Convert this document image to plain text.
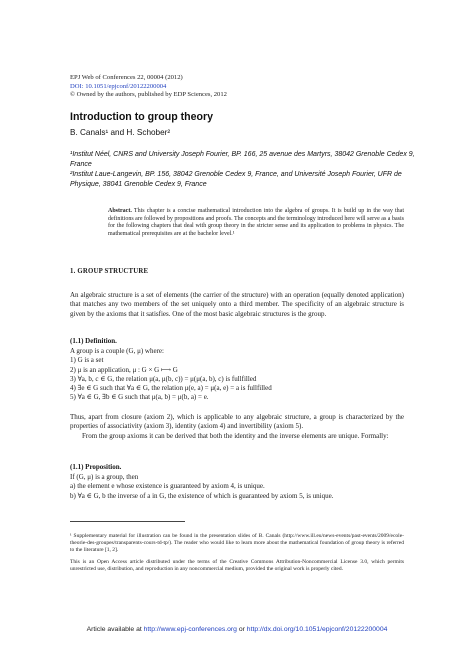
EPJ Web of Conferences 22, 00004 (2012)
DOI: 10.1051/epjconf/20122200004
© Owned by the authors, published by EDP Sciences, 2012
Introduction to group theory
B. Canals¹ and H. Schober²
¹Institut Néel, CNRS and University Joseph Fourier, BP. 166, 25 avenue des Martyrs, 38042 Grenoble Cedex 9, France
²Institut Laue-Langevin, BP. 156, 38042 Grenoble Cedex 9, France, and Université Joseph Fourier, UFR de Physique, 38041 Grenoble Cedex 9, France
Abstract. This chapter is a concise mathematical introduction into the algebra of groups. It is build up in the way that definitions are followed by propositions and proofs. The concepts and the terminology introduced here will serve as a basis for the following chapters that deal with group theory in the stricter sense and its application to problems in physics. The mathematical prerequisites are at the bachelor level.¹
1. GROUP STRUCTURE
An algebraic structure is a set of elements (the carrier of the structure) with an operation (equally denoted application) that matches any two members of the set uniquely onto a third member. The specificity of an algebraic structure is given by the axioms that it satisfies. One of the most basic algebraic structures is the group.
(1.1) Definition.
A group is a couple (G, μ) where:
1) G is a set
2) μ is an application, μ : G × G ⟼ G
3) ∀a, b, c ∈ G, the relation μ(a, μ(b, c)) = μ(μ(a, b), c) is fullfilled
4) ∃e ∈ G such that ∀a ∈ G, the relation μ(e, a) = μ(a, e) = a is fullfilled
5) ∀a ∈ G, ∃b ∈ G such that μ(a, b) = μ(b, a) = e.
Thus, apart from closure (axiom 2), which is applicable to any algebraic structure, a group is characterized by the properties of associativity (axiom 3), identity (axiom 4) and invertibility (axiom 5).
From the group axioms it can be derived that both the identity and the inverse elements are unique. Formally:
(1.1) Proposition.
If (G, μ) is a group, then
a) the element e whose existence is guaranteed by axiom 4, is unique.
b) ∀a ∈ G, b the inverse of a in G, the existence of which is guaranteed by axiom 5, is unique.
¹ Supplementary material for illustration can be found in the presentation slides of B. Canals (http://www.ill.eu/news-events/past-events/2009/ecole-theorie-des-groupes/transparents-cours-td-tp/). The reader who would like to learn more about the mathematical foundation of group theory is referred to the literature [1, 2].
This is an Open Access article distributed under the terms of the Creative Commons Attribution-Noncommercial License 3.0, which permits unrestricted use, distribution, and reproduction in any noncommercial medium, provided the original work is properly cited.
Article available at http://www.epj-conferences.org or http://dx.doi.org/10.1051/epjconf/20122200004
